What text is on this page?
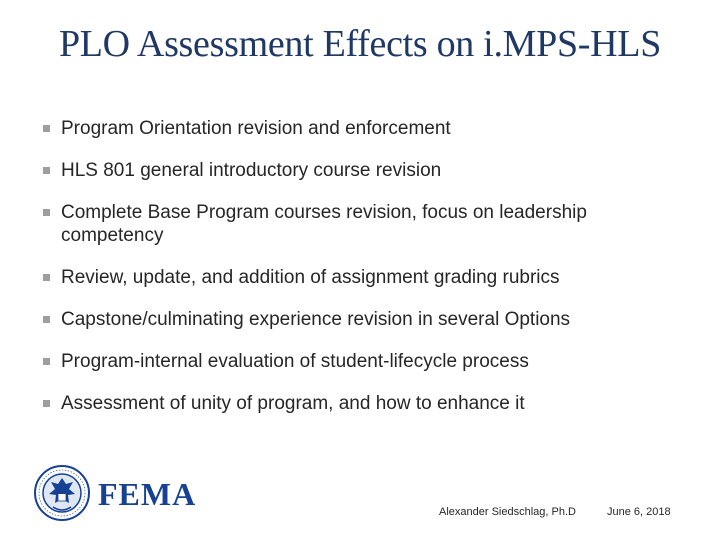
PLO Assessment Effects on i.MPS-HLS
Program Orientation revision and enforcement
HLS 801 general introductory course revision
Complete Base Program courses revision, focus on leadership competency
Review, update, and addition of assignment grading rubrics
Capstone/culminating experience revision in several Options
Program-internal evaluation of student-lifecycle process
Assessment of unity of program, and how to enhance it
FEMA	Alexander Siedschlag, Ph.D	June 6, 2018
